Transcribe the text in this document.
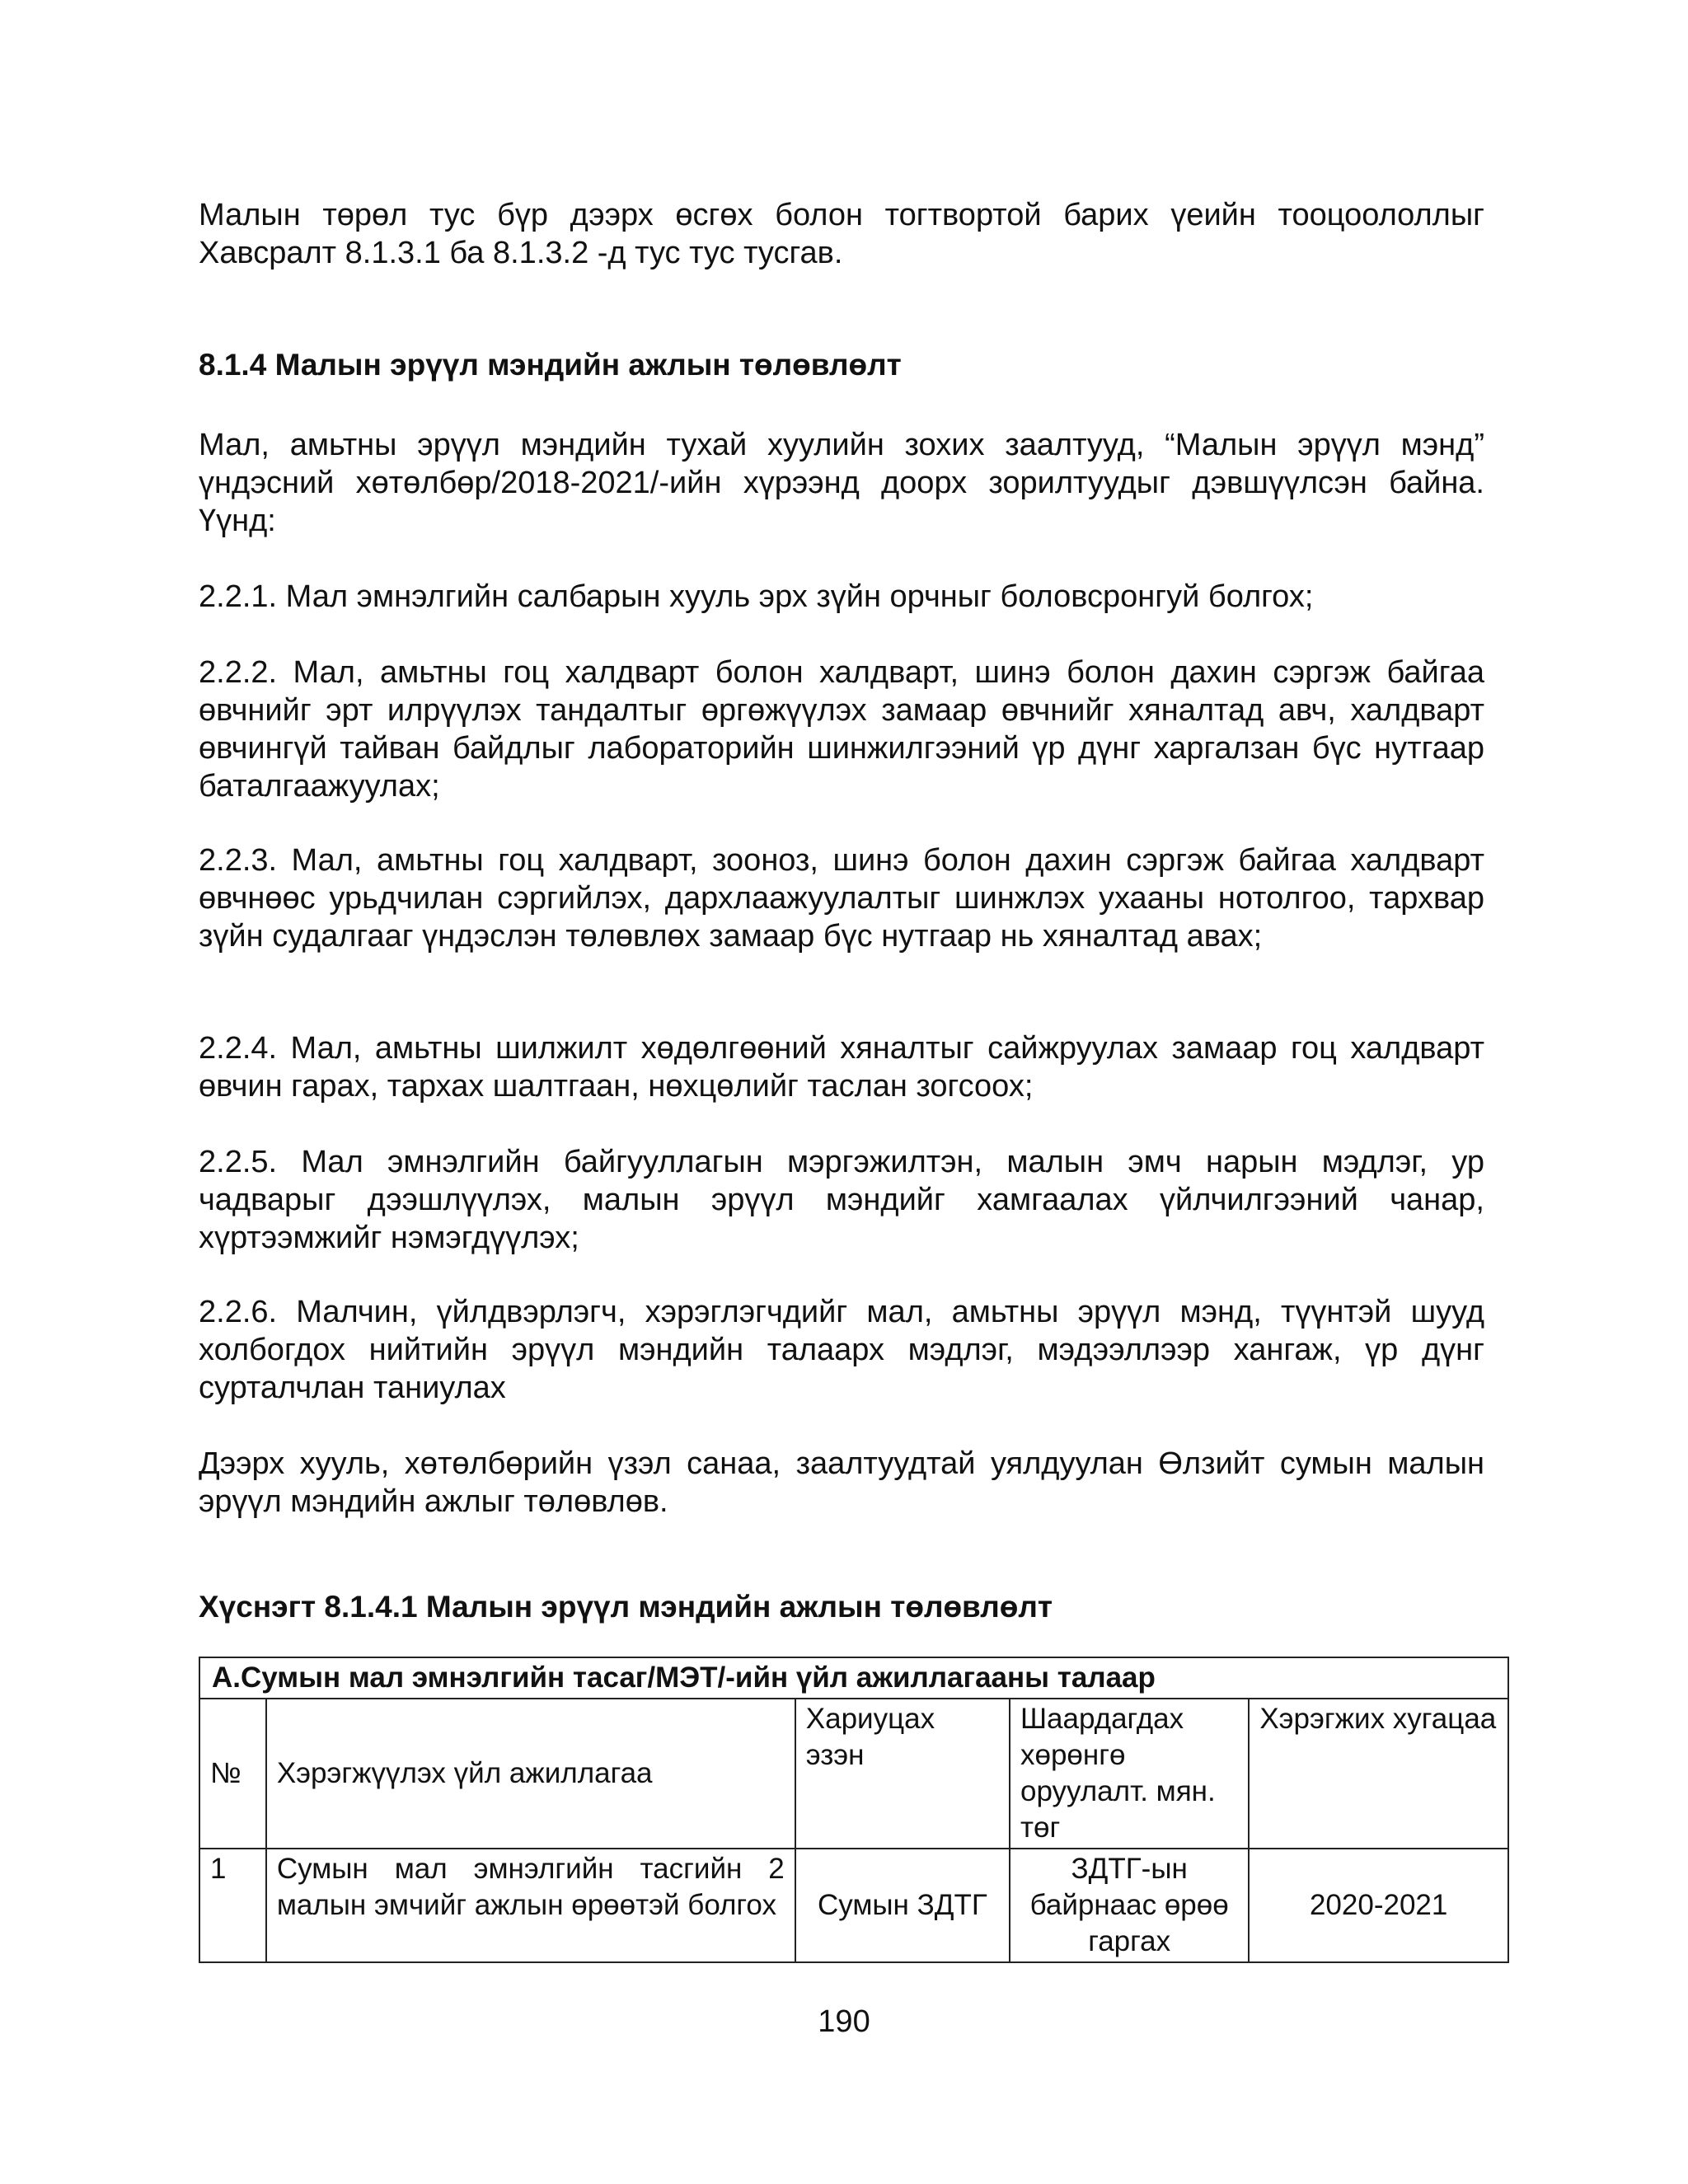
Малын төрөл тус бүр дээрх өсгөх болон тогтвортой барих үеийн тооцоололлыг Хавсралт 8.1.3.1 ба 8.1.3.2 -д тус тус тусгав.

8.1.4 Малын эрүүл мэндийн ажлын төлөвлөлт

Мал, амьтны эрүүл мэндийн тухай хуулийн зохих заалтууд, “Малын эрүүл мэнд” үндэсний хөтөлбөр/2018-2021/-ийн хүрээнд доорх зорилтуудыг дэвшүүлсэн байна. Үүнд:

2.2.1. Мал эмнэлгийн салбарын хууль эрх зүйн орчныг боловсронгуй болгох;

2.2.2. Мал, амьтны гоц халдварт болон халдварт, шинэ болон дахин сэргэж байгаа өвчнийг эрт илрүүлэх тандалтыг өргөжүүлэх замаар өвчнийг хяналтад авч, халдварт өвчингүй тайван байдлыг лабораторийн шинжилгээний үр дүнг харгалзан бүс нутгаар баталгаажуулах;

2.2.3. Мал, амьтны гоц халдварт, зооноз, шинэ болон дахин сэргэж байгаа халдварт өвчнөөс урьдчилан сэргийлэх, дархлаажуулалтыг шинжлэх ухааны нотолгоо, тархвар зүйн судалгааг үндэслэн төлөвлөх замаар бүс нутгаар нь хяналтад авах;

2.2.4. Мал, амьтны шилжилт хөдөлгөөний хяналтыг сайжруулах замаар гоц халдварт өвчин гарах, тархах шалтгаан, нөхцөлийг таслан зогсоох;

2.2.5. Мал эмнэлгийн байгууллагын мэргэжилтэн, малын эмч нарын мэдлэг, ур чадварыг дээшлүүлэх, малын эрүүл мэндийг хамгаалах үйлчилгээний чанар, хүртээмжийг нэмэгдүүлэх;

2.2.6. Малчин, үйлдвэрлэгч, хэрэглэгчдийг мал, амьтны эрүүл мэнд, түүнтэй шууд холбогдох нийтийн эрүүл мэндийн талаарх мэдлэг, мэдээллээр хангаж, үр дүнг сурталчлан таниулах

Дээрх хууль, хөтөлбөрийн үзэл санаа, заалтуудтай уялдуулан Өлзийт сумын малын эрүүл мэндийн ажлыг төлөвлөв.

Хүснэгт 8.1.4.1 Малын эрүүл мэндийн ажлын төлөвлөлт
А.Сумын мал эмнэлгийн тасаг/МЭТ/-ийн үйл ажиллагааны талаар				
№	Хэрэгжүүлэх үйл ажиллагаа	Хариуцах эзэн	Шаардагдах хөрөнгө оруулалт. мян. төг	Хэрэгжих хугацаа
1	Сумын мал эмнэлгийн тасгийн 2 малын эмчийг ажлын өрөөтэй болгох	Сумын ЗДТГ	ЗДТГ-ын байрнаас өрөө гаргах	2020-2021
190
